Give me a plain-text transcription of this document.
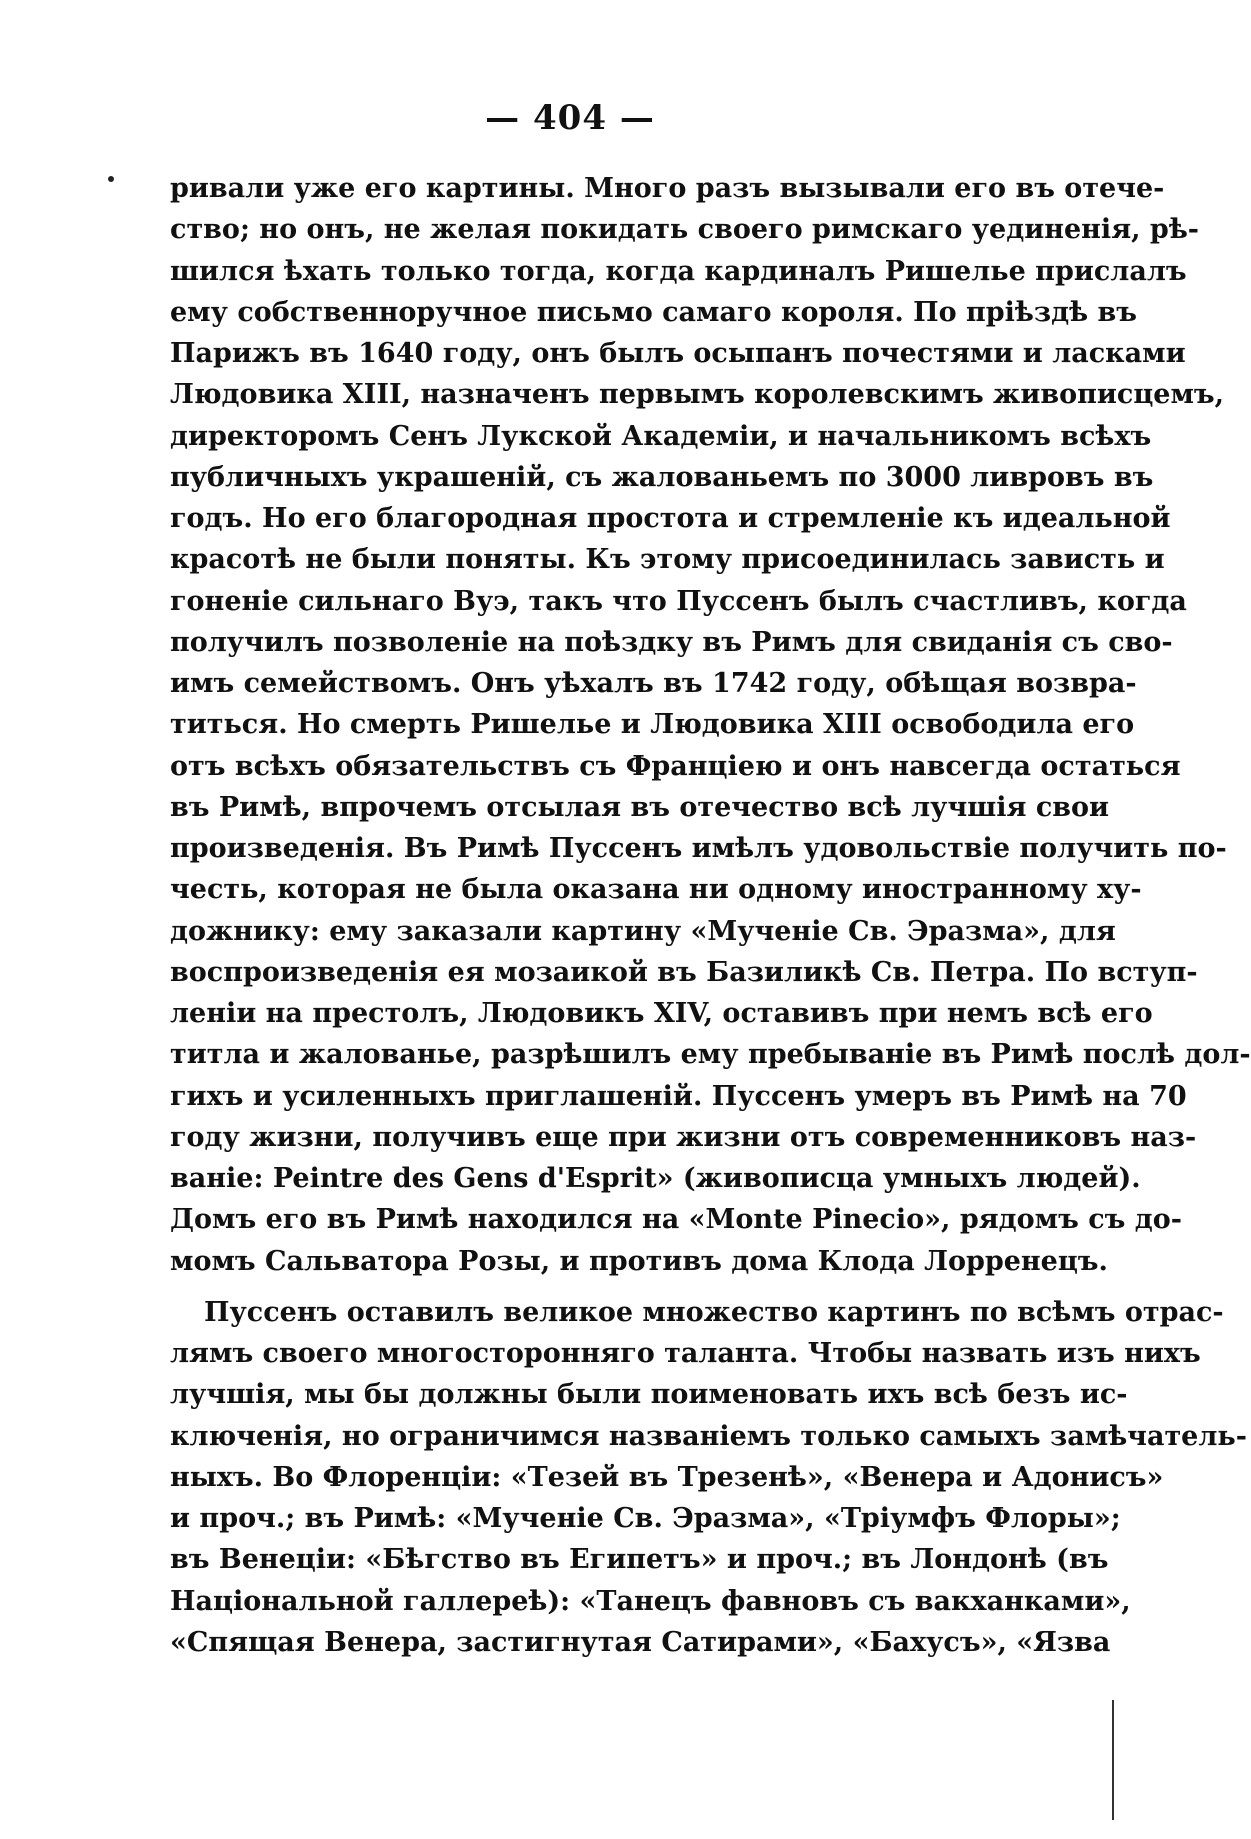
— 404 —
ривали уже его картины. Много разъ вызывали его въ отече-
ство; но онъ, не желая покидать своего римскаго уединенія, рѣ-
шился ѣхать только тогда, когда кардиналъ Ришелье прислалъ
ему собственноручное письмо самаго короля. По пріѣздѣ въ
Парижъ въ 1640 году, онъ былъ осыпанъ почестями и ласками
Людовика XIII, назначенъ первымъ королевскимъ живописцемъ,
директоромъ Сенъ Лукской Академіи, и начальникомъ всѣхъ
публичныхъ украшеній, съ жалованьемъ по 3000 ливровъ въ
годъ. Но его благородная простота и стремленіе къ идеальной
красотѣ не были поняты. Къ этому присоединилась зависть и
гоненіе сильнаго Вуэ, такъ что Пуссенъ былъ счастливъ, когда
получилъ позволеніе на поѣздку въ Римъ для свиданія съ сво-
имъ семействомъ. Онъ уѣхалъ въ 1742 году, обѣщая возвра-
титься. Но смерть Ришелье и Людовика XIII освободила его
отъ всѣхъ обязательствъ съ Франціею и онъ навсегда остаться
въ Римѣ, впрочемъ отсылая въ отечество всѣ лучшія свои
произведенія. Въ Римѣ Пуссенъ имѣлъ удовольствіе получить по-
честь, которая не была оказана ни одному иностранному ху-
дожнику: ему заказали картину «Мученіе Св. Эразма», для
воспроизведенія ея мозаикой въ Базиликѣ Св. Петра. По вступ-
леніи на престолъ, Людовикъ XIV, оставивъ при немъ всѣ его
титла и жалованье, разрѣшилъ ему пребываніе въ Римѣ послѣ дол-
гихъ и усиленныхъ приглашеній. Пуссенъ умеръ въ Римѣ на 70
году жизни, получивъ еще при жизни отъ современниковъ наз-
ваніе: Peintre des Gens d'Esprit» (живописца умныхъ людей).
Домъ его въ Римѣ находился на «Monte Pinecio», рядомъ съ до-
момъ Сальватора Розы, и противъ дома Клода Лорренецъ.
Пуссенъ оставилъ великое множество картинъ по всѣмъ отрас-
лямъ своего многосторонняго таланта. Чтобы назвать изъ нихъ
лучшія, мы бы должны были поименовать ихъ всѣ безъ ис-
ключенія, но ограничимся названіемъ только самыхъ замѣчатель-
ныхъ. Во Флоренціи: «Тезей въ Трезенѣ», «Венера и Адонисъ»
и проч.; въ Римѣ: «Мученіе Св. Эразма», «Тріумфъ Флоры»;
въ Венеціи: «Бѣгство въ Египетъ» и проч.; въ Лондонѣ (въ
Національной галлереѣ): «Танецъ фавновъ съ вакханками»,
«Спящая Венера, застигнутая Сатирами», «Бахусъ», «Язва
